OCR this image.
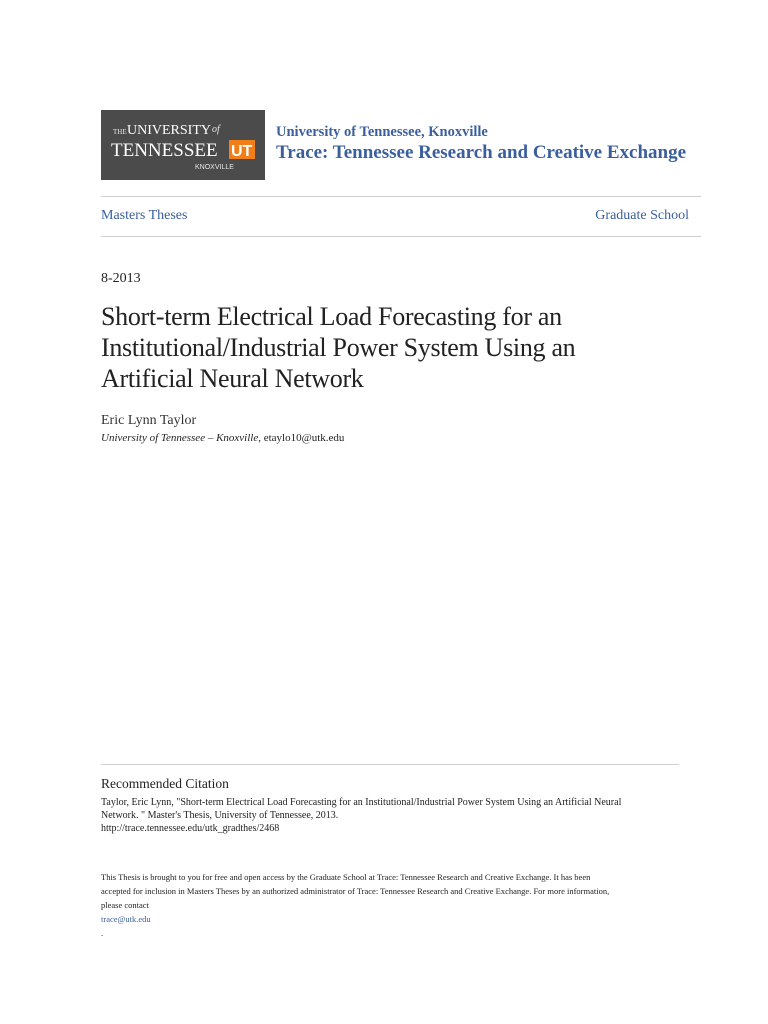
THE UNIVERSITY of
TENNESSEE UT
KNOXVILLE
University of Tennessee, Knoxville
Trace: Tennessee Research and Creative Exchange
Masters Theses	Graduate School
8-2013
Short-term Electrical Load Forecasting for an Institutional/Industrial Power System Using an Artificial Neural Network
Eric Lynn Taylor
University of Tennessee – Knoxville, etaylo10@utk.edu
Recommended Citation
Taylor, Eric Lynn, "Short-term Electrical Load Forecasting for an Institutional/Industrial Power System Using an Artificial Neural
Network. " Master's Thesis, University of Tennessee, 2013.
http://trace.tennessee.edu/utk_gradthes/2468
This Thesis is brought to you for free and open access by the Graduate School at Trace: Tennessee Research and Creative Exchange. It has been
accepted for inclusion in Masters Theses by an authorized administrator of Trace: Tennessee Research and Creative Exchange. For more information,
please contact
trace@utk.edu
.
